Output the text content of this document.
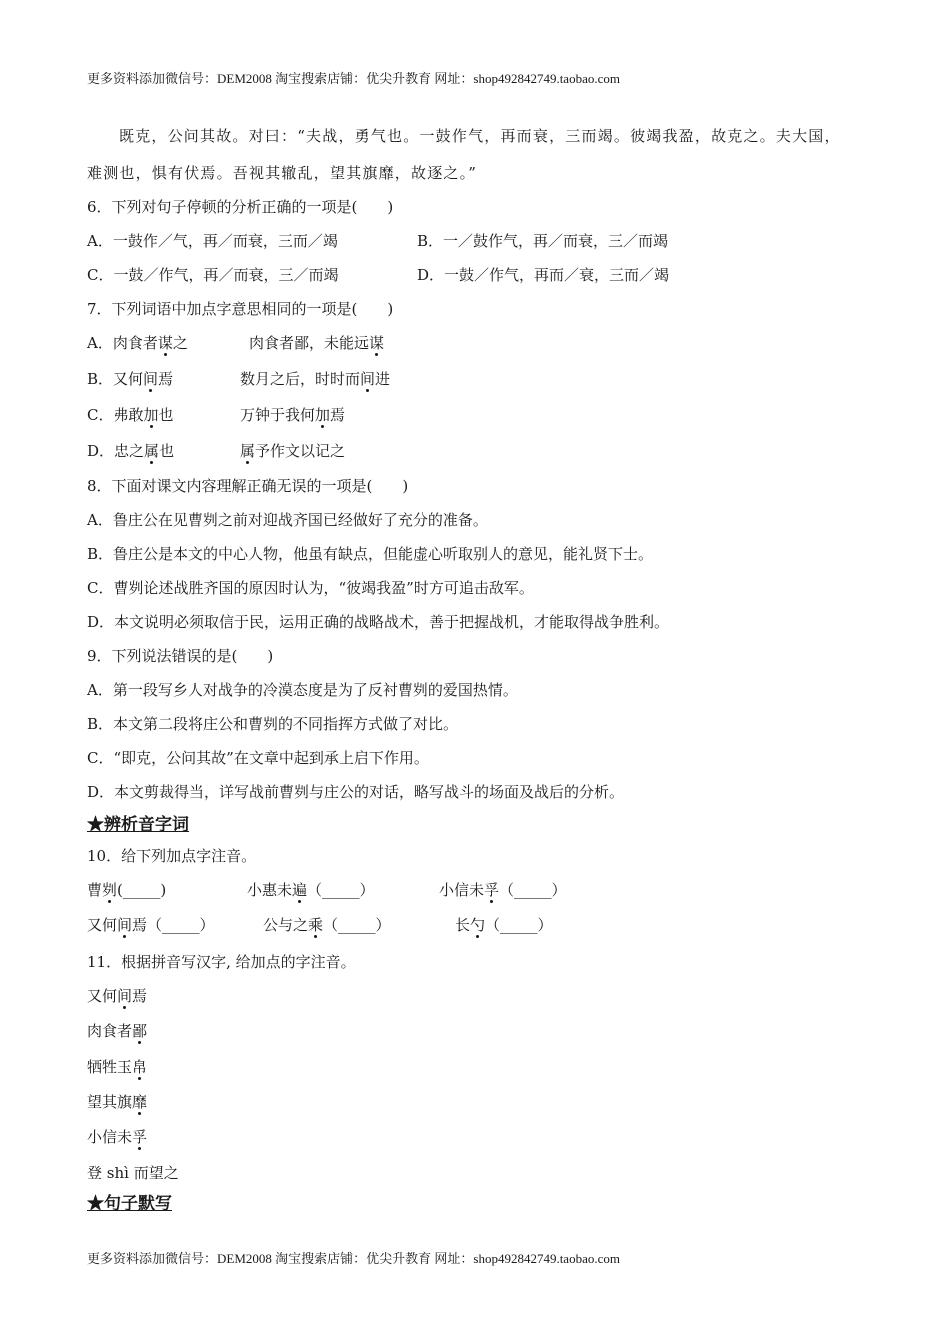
更多资料添加微信号：DEM2008 淘宝搜索店铺：优尖升教育 网址：shop492842749.taobao.com
既克，公问其故。对曰：“夫战，勇气也。一鼓作气，再而衰，三而竭。彼竭我盈，故克之。夫大国，
难测也，惧有伏焉。吾视其辙乱，望其旗靡，故逐之。”
6．下列对句子停顿的分析正确的一项是(　　)
A．一鼓作／气，再／而衰，三而／竭	B．一／鼓作气，再／而衰，三／而竭
C．一鼓／作气，再／而衰，三／而竭	D．一鼓／作气，再而／衰，三而／竭
7．下列词语中加点字意思相同的一项是(　　)
A．肉食者谋之	肉食者鄙，未能远谋
B．又何间焉	数月之后，时时而间进
C．弗敢加也	万钟于我何加焉
D．忠之属也	属予作文以记之
8．下面对课文内容理解正确无误的一项是(　　)
A．鲁庄公在见曹刿之前对迎战齐国已经做好了充分的准备。
B．鲁庄公是本文的中心人物，他虽有缺点，但能虚心听取别人的意见，能礼贤下士。
C．曹刿论述战胜齐国的原因时认为，“彼竭我盈”时方可追击敌军。
D．本文说明必须取信于民，运用正确的战略战术，善于把握战机，才能取得战争胜利。
9．下列说法错误的是(　　)
A．第一段写乡人对战争的冷漠态度是为了反衬曹刿的爱国热情。
B．本文第二段将庄公和曹刿的不同指挥方式做了对比。
C．“即克，公问其故”在文章中起到承上启下作用。
D．本文剪裁得当，详写战前曹刿与庄公的对话，略写战斗的场面及战后的分析。
★辨析音字词
10．给下列加点字注音。
曹刿(_____)	小惠未遍（_____）	小信未孚（_____）
又何间焉（_____）	公与之乘（_____）	长勺（_____）
11．根据拼音写汉字, 给加点的字注音。
又何间焉
肉食者鄙
牺牲玉帛
望其旗靡
小信未孚
登 shì 而望之
★句子默写
更多资料添加微信号：DEM2008 淘宝搜索店铺：优尖升教育 网址：shop492842749.taobao.com
